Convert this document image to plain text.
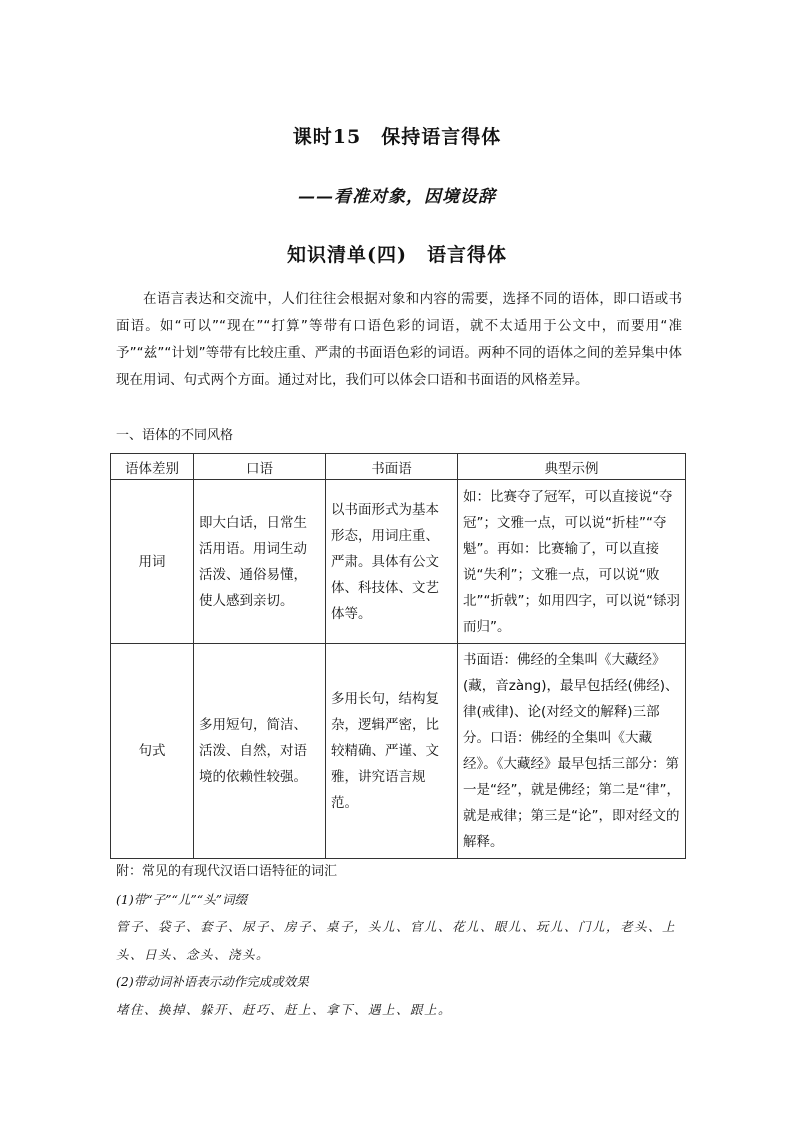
课时15　保持语言得体
——看准对象，因境设辞
知识清单(四)　语言得体

在语言表达和交流中，人们往往会根据对象和内容的需要，选择不同的语体，即口语或书面语。如“可以”“现在”“打算”等带有口语色彩的词语，就不太适用于公文中，而要用“准予”“兹”“计划”等带有比较庄重、严肃的书面语色彩的词语。两种不同的语体之间的差异集中体现在用词、句式两个方面。通过对比，我们可以体会口语和书面语的风格差异。

一、语体的不同风格
语体差别	口语	书面语	典型示例
用词	即大白话，日常生活用语。用词生动活泼、通俗易懂，使人感到亲切。	以书面形式为基本形态，用词庄重、严肃。具体有公文体、科技体、文艺体等。	如：比赛夺了冠军，可以直接说“夺冠”；文雅一点，可以说“折桂”“夺魁”。再如：比赛输了，可以直接说“失利”；文雅一点，可以说“败北”“折戟”；如用四字，可以说“铩羽而归”。
句式	多用短句，简洁、活泼、自然，对语境的依赖性较强。	多用长句，结构复杂，逻辑严密，比较精确、严谨、文雅，讲究语言规范。	书面语：佛经的全集叫《大藏经》(藏，音zàng)，最早包括经(佛经)、律(戒律)、论(对经文的解释)三部分。口语：佛经的全集叫《大藏经》。《大藏经》最早包括三部分：第一是“经”，就是佛经；第二是“律”，就是戒律；第三是“论”，即对经文的解释。

附：常见的有现代汉语口语特征的词汇

(1)带“子”“儿”“头”词缀

管子、袋子、套子、尿子、房子、桌子，头儿、官儿、花儿、眼儿、玩儿、门儿，老头、上头、日头、念头、浇头。

(2)带动词补语表示动作完成或效果

堵住、换掉、躲开、赶巧、赶上、拿下、遇上、跟上。
